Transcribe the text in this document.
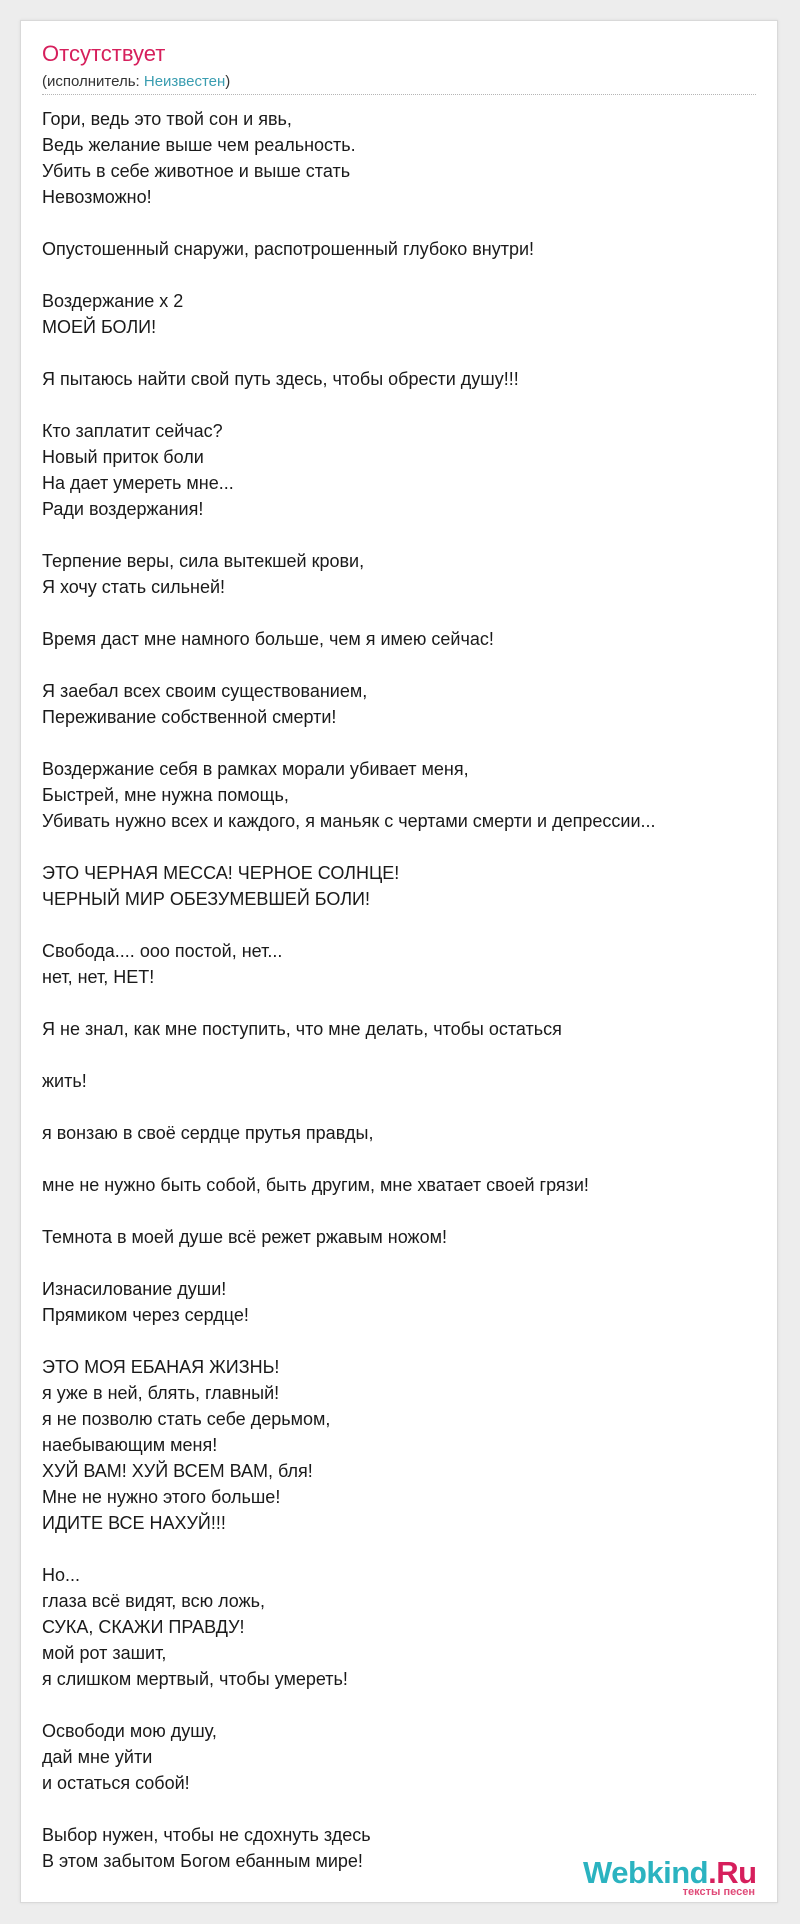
Отсутствует
(исполнитель: Неизвестен)
Гори, ведь это твой сон и явь,
Ведь желание выше чем реальность.
Убить в себе животное и выше стать
Невозможно!
Опустошенный снаружи, распотрошенный глубоко внутри!
Воздержание x 2
МОЕЙ БОЛИ!
Я пытаюсь найти свой путь здесь, чтобы обрести душу!!!
Кто заплатит сейчас?
Новый приток боли
На дает умереть мне...
Ради воздержания!
Терпение веры, сила вытекшей крови,
Я хочу стать сильней!
Время даст мне намного больше, чем я имею сейчас!
Я заебал всех своим существованием,
Переживание собственной смерти!
Воздержание себя в рамках морали убивает меня,
Быстрей, мне нужна помощь,
Убивать нужно всех и каждого, я маньяк с чертами смерти и депрессии...
ЭТО ЧЕРНАЯ МЕССА! ЧЕРНОЕ СОЛНЦЕ!
ЧЕРНЫЙ МИР ОБЕЗУМЕВШЕЙ БОЛИ!
Свобода.... ооо постой, нет...
нет, нет, НЕТ!
Я не знал, как мне поступить, что мне делать, чтобы остаться
жить!
я вонзаю в своё сердце прутья правды,
мне не нужно быть собой, быть другим, мне хватает своей грязи!
Темнота в моей душе всё режет ржавым ножом!
Изнасилование души!
Прямиком через сердце!
ЭТО МОЯ ЕБАНАЯ ЖИЗНЬ!
я уже в ней, блять, главный!
я не позволю стать себе дерьмом,
наебывающим меня!
ХУЙ ВАМ! ХУЙ ВСЕМ ВАМ, бля!
Мне не нужно этого больше!
ИДИТЕ ВСЕ НАХУЙ!!!
Но...
глаза всё видят, всю ложь,
СУКА, СКАЖИ ПРАВДУ!
мой рот зашит,
я слишком мертвый, чтобы умереть!
Освободи мою душу,
дай мне уйти
и остаться собой!
Выбор нужен, чтобы не сдохнуть здесь
В этом забытом Богом ебанным мире!	Webkind.Ru
тексты песен
